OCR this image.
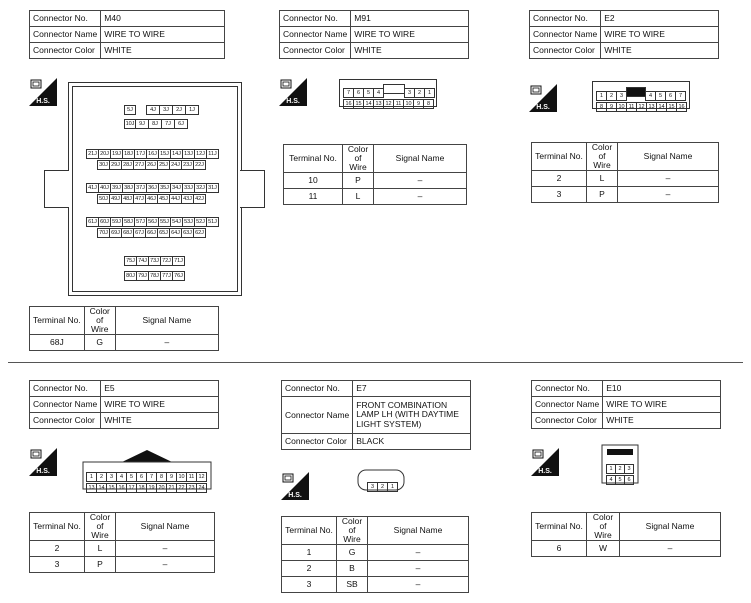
Connector No.	M40
Connector Name	WIRE TO WIRE
Connector Color	WHITE
H.S.
5J	4J 3J 2J 1J
10J 9J 8J 7J 6J
21J 20J 19J 18J 17J 16J 15J 14J 13J 12J 11J
30J 29J 28J 27J 26J 25J 24J 23J 22J
41J 40J 39J 38J 37J 36J 35J 34J 33J 32J 31J
50J 49J 48J 47J 46J 45J 44J 43J 42J
61J 60J 59J 58J 57J 56J 55J 54J 53J 52J 51J
70J 69J 68J 67J 66J 65J 64J 63J 62J
75J 74J 73J 72J 71J
80J 79J 78J 77J 76J
Terminal No.	Color of Wire	Signal Name
68J	G	–
Connector No.	M91
Connector Name	WIRE TO WIRE
Connector Color	WHITE
H.S.
7 6 5 4	3 2 1
16 15 14 13 12 11 10 9 8
Terminal No.	Color of Wire	Signal Name
10	P	–
11	L	–
Connector No.	E2
Connector Name	WIRE TO WIRE
Connector Color	WHITE
H.S.
1 2 3	4 5 6 7
8 9 10 11 12 13 14 15 16
Terminal No.	Color of Wire	Signal Name
2	L	–
3	P	–
Connector No.	E5
Connector Name	WIRE TO WIRE
Connector Color	WHITE
H.S.
1 2 3 4 5 6 7 8 9 10 11 12
13 14 15 16 17 18 19 20 21 22 23 24
Terminal No.	Color of Wire	Signal Name
2	L	–
3	P	–
Connector No.	E7
Connector Name	FRONT COMBINATION LAMP LH (WITH DAYTIME LIGHT SYSTEM)
Connector Color	BLACK
H.S.
3 2 1
Terminal No.	Color of Wire	Signal Name
1	G	–
2	B	–
3	SB	–
Connector No.	E10
Connector Name	WIRE TO WIRE
Connector Color	WHITE
H.S.	1 2 3
4 5 6
Terminal No.	Color of Wire	Signal Name
6	W	–
